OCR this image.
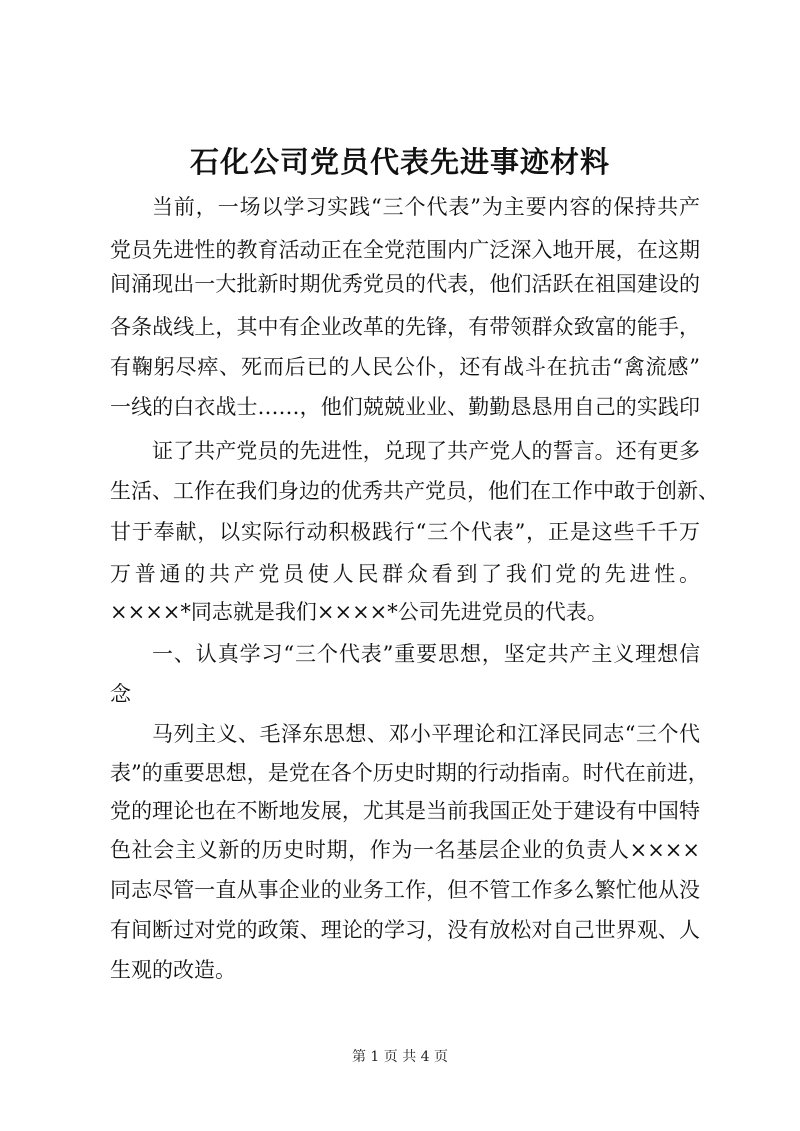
石化公司党员代表先进事迹材料
当前，一场以学习实践“三个代表”为主要内容的保持共产
党员先进性的教育活动正在全党范围内广泛深入地开展，在这期
间涌现出一大批新时期优秀党员的代表，他们活跃在祖国建设的
各条战线上，其中有企业改革的先锋，有带领群众致富的能手，
有鞠躬尽瘁、死而后已的人民公仆，还有战斗在抗击“禽流感”
一线的白衣战士……，他们兢兢业业、勤勤恳恳用自己的实践印
证了共产党员的先进性，兑现了共产党人的誓言。还有更多
生活、工作在我们身边的优秀共产党员，他们在工作中敢于创新、
甘于奉献，以实际行动积极践行“三个代表”，正是这些千千万
万普通的共产党员使人民群众看到了我们党的先进性。
××××*同志就是我们××××*公司先进党员的代表。
一、认真学习“三个代表”重要思想，坚定共产主义理想信
念
马列主义、毛泽东思想、邓小平理论和江泽民同志“三个代
表”的重要思想，是党在各个历史时期的行动指南。时代在前进，
党的理论也在不断地发展，尤其是当前我国正处于建设有中国特
色社会主义新的历史时期，作为一名基层企业的负责人××××
同志尽管一直从事企业的业务工作，但不管工作多么繁忙他从没
有间断过对党的政策、理论的学习，没有放松对自己世界观、人
生观的改造。
第 1 页 共 4 页
